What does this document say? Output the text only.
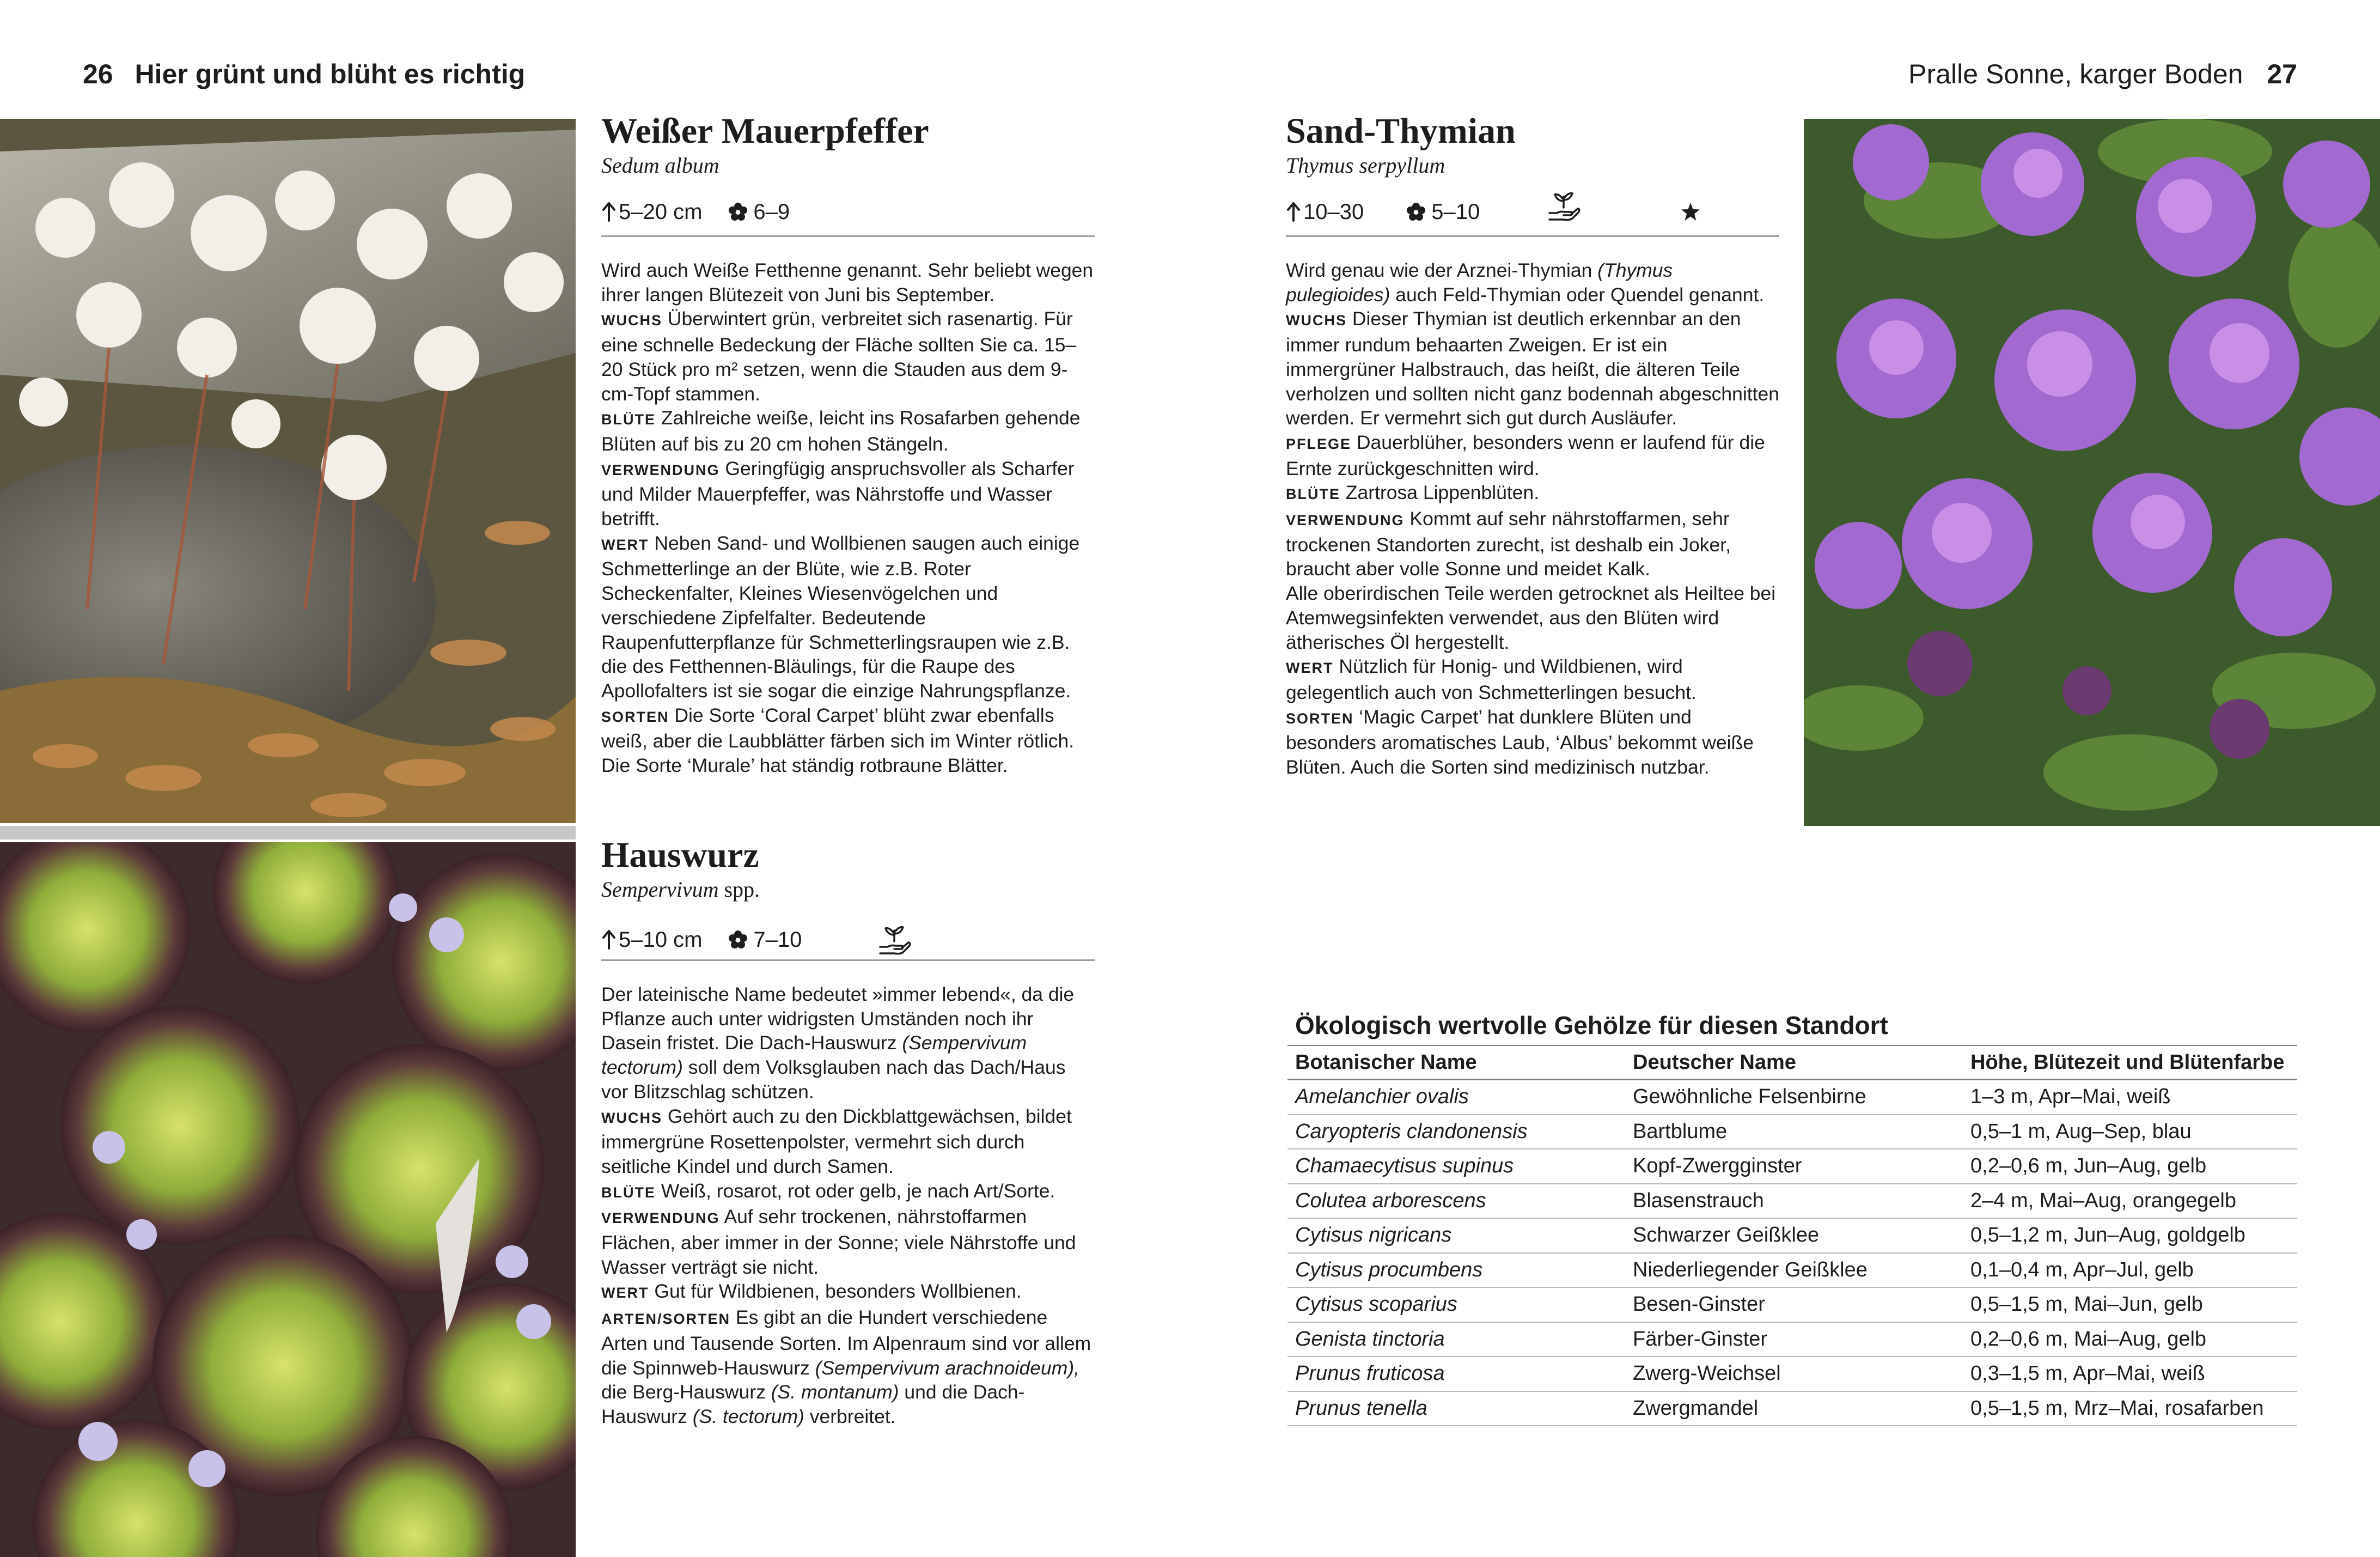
26 Hier grünt und blüht es richtig	Pralle Sonne, karger Boden 27
Weißer Mauerpfeffer
Sedum album
5–20 cm 6–9

Wird auch Weiße Fetthenne genannt. Sehr beliebt wegen ihrer langen Blütezeit von Juni bis September.

WUCHS Überwintert grün, verbreitet sich rasenartig. Für eine schnelle Bedeckung der Fläche sollten Sie ca. 15–20 Stück pro m² setzen, wenn die Stauden aus dem 9-cm-Topf stammen.

BLÜTE Zahlreiche weiße, leicht ins Rosafarben gehende Blüten auf bis zu 20 cm hohen Stängeln.

VERWENDUNG Geringfügig anspruchsvoller als Scharfer und Milder Mauerpfeffer, was Nährstoffe und Wasser betrifft.

WERT Neben Sand- und Wollbienen saugen auch einige Schmetterlinge an der Blüte, wie z.B. Roter Scheckenfalter, Kleines Wiesenvögelchen und verschiedene Zipfelfalter. Bedeutende Raupenfutterpflanze für Schmetterlingsraupen wie z.B. die des Fetthennen-Bläulings, für die Raupe des Apollofalters ist sie sogar die einzige Nahrungspflanze.

SORTEN Die Sorte ‘Coral Carpet’ blüht zwar ebenfalls weiß, aber die Laubblätter färben sich im Winter rötlich. Die Sorte ‘Murale’ hat ständig rotbraune Blätter.

Hauswurz
Sempervivum spp.
5–10 cm 7–10

Der lateinische Name bedeutet »immer lebend«, da die Pflanze auch unter widrigsten Umständen noch ihr Dasein fristet. Die Dach-Hauswurz (Sempervivum tectorum) soll dem Volksglauben nach das Dach/Haus vor Blitzschlag schützen.

WUCHS Gehört auch zu den Dickblattgewächsen, bildet immergrüne Rosettenpolster, vermehrt sich durch seitliche Kindel und durch Samen.

BLÜTE Weiß, rosarot, rot oder gelb, je nach Art/Sorte.

VERWENDUNG Auf sehr trockenen, nährstoffarmen Flächen, aber immer in der Sonne; viele Nährstoffe und Wasser verträgt sie nicht.

WERT Gut für Wildbienen, besonders Wollbienen.

ARTEN/SORTEN Es gibt an die Hundert verschiedene Arten und Tausende Sorten. Im Alpenraum sind vor allem die Spinnweb-Hauswurz (Sempervivum arachnoideum), die Berg-Hauswurz (S. montanum) und die Dach-Hauswurz (S. tectorum) verbreitet.

Sand-Thymian
Thymus serpyllum
10–30	5–10

Wird genau wie der Arznei-Thymian (Thymus pulegioides) auch Feld-Thymian oder Quendel genannt.

WUCHS Dieser Thymian ist deutlich erkennbar an den immer rundum behaarten Zweigen. Er ist ein immergrüner Halbstrauch, das heißt, die älteren Teile verholzen und sollten nicht ganz bodennah abgeschnitten werden. Er vermehrt sich gut durch Ausläufer.

PFLEGE Dauerblüher, besonders wenn er laufend für die Ernte zurückgeschnitten wird.

BLÜTE Zartrosa Lippenblüten.

VERWENDUNG Kommt auf sehr nährstoffarmen, sehr trockenen Standorten zurecht, ist deshalb ein Joker, braucht aber volle Sonne und meidet Kalk.

Alle oberirdischen Teile werden getrocknet als Heiltee bei Atemwegsinfekten verwendet, aus den Blüten wird ätherisches Öl hergestellt.

WERT Nützlich für Honig- und Wildbienen, wird gelegentlich auch von Schmetterlingen besucht.

SORTEN ‘Magic Carpet’ hat dunklere Blüten und besonders aromatisches Laub, ‘Albus’ bekommt weiße Blüten. Auch die Sorten sind medizinisch nutzbar.

Ökologisch wertvolle Gehölze für diesen Standort
Botanischer Name	Deutscher Name	Höhe, Blütezeit und Blütenfarbe
Amelanchier ovalis	Gewöhnliche Felsenbirne	1–3 m, Apr–Mai, weiß
Caryopteris clandonensis	Bartblume	0,5–1 m, Aug–Sep, blau
Chamaecytisus supinus	Kopf-Zwergginster	0,2–0,6 m, Jun–Aug, gelb
Colutea arborescens	Blasenstrauch	2–4 m, Mai–Aug, orangegelb
Cytisus nigricans	Schwarzer Geißklee	0,5–1,2 m, Jun–Aug, goldgelb
Cytisus procumbens	Niederliegender Geißklee	0,1–0,4 m, Apr–Jul, gelb
Cytisus scoparius	Besen-Ginster	0,5–1,5 m, Mai–Jun, gelb
Genista tinctoria	Färber-Ginster	0,2–0,6 m, Mai–Aug, gelb
Prunus fruticosa	Zwerg-Weichsel	0,3–1,5 m, Apr–Mai, weiß
Prunus tenella	Zwergmandel	0,5–1,5 m, Mrz–Mai, rosafarben
